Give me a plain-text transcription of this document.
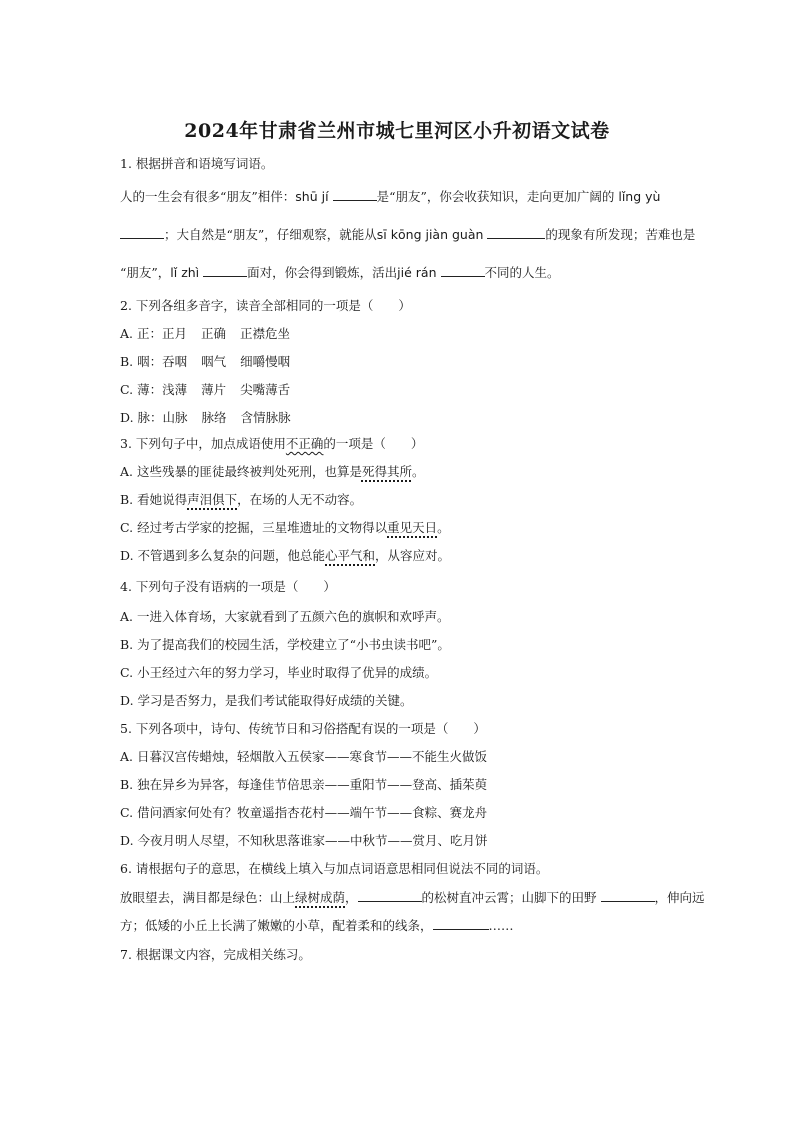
2024年甘肃省兰州市城七里河区小升初语文试卷
1. 根据拼音和语境写词语。
人的一生会有很多“朋友”相伴：shū jí	是“朋友”，你会收获知识，走向更加广阔的 lǐng yù
；大自然是“朋友”，仔细观察，就能从sī kōng jiàn guàn	的现象有所发现；苦难也是
“朋友”，lǐ zhì	面对，你会得到锻炼，活出jié rán	不同的人生。
2. 下列各组多音字，读音全部相同的一项是（　　）
A. 正：正月 正确 正襟危坐
B. 咽：吞咽 咽气 细嚼慢咽
C. 薄：浅薄 薄片 尖嘴薄舌
D. 脉：山脉 脉络 含情脉脉
3. 下列句子中，加点成语使用不正确的一项是（　　）
A. 这些残暴的匪徒最终被判处死刑，也算是死得其所。
B. 看她说得声泪俱下，在场的人无不动容。
C. 经过考古学家的挖掘，三星堆遗址的文物得以重见天日。
D. 不管遇到多么复杂的问题，他总能心平气和，从容应对。
4. 下列句子没有语病的一项是（　　）
A. 一进入体育场，大家就看到了五颜六色的旗帜和欢呼声。
B. 为了提高我们的校园生活，学校建立了“小书虫读书吧”。
C. 小王经过六年的努力学习，毕业时取得了优异的成绩。
D. 学习是否努力，是我们考试能取得好成绩的关键。
5. 下列各项中，诗句、传统节日和习俗搭配有误的一项是（　　）
A. 日暮汉宫传蜡烛，轻烟散入五侯家——寒食节——不能生火做饭
B. 独在异乡为异客，每逢佳节倍思亲——重阳节——登高、插茱萸
C. 借问酒家何处有？牧童遥指杏花村——端午节——食粽、赛龙舟
D. 今夜月明人尽望，不知秋思落谁家——中秋节——赏月、吃月饼
6. 请根据句子的意思，在横线上填入与加点词语意思相同但说法不同的词语。
放眼望去，满目都是绿色：山上绿树成荫，	的松树直冲云霄；山脚下的田野	，伸向远
方；低矮的小丘上长满了嫩嫩的小草，配着柔和的线条，	……
7. 根据课文内容，完成相关练习。
